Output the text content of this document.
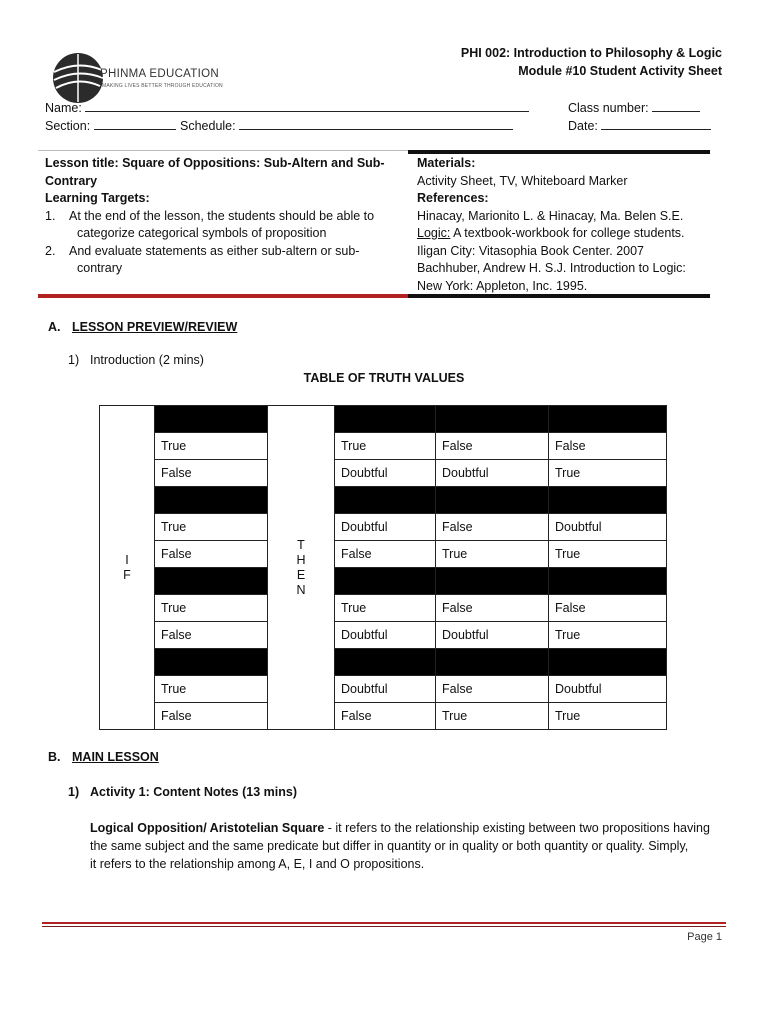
PHINMA EDUCATION
MAKING LIVES BETTER THROUGH EDUCATION
PHI 002: Introduction to Philosophy & Logic
Module #10 Student Activity Sheet
Name:	Class number:
Section:	Schedule:	Date:
Lesson title: Square of Oppositions: Sub-Altern and Sub-
Contrary
Learning Targets:
1. At the end of the lesson, the students should be able to
categorize categorical symbols of proposition
2. And evaluate statements as either sub-altern or sub-
contrary
Materials:
Activity Sheet, TV, Whiteboard Marker
References:
Hinacay, Marionito L. & Hinacay, Ma. Belen S.E.
Logic: A textbook-workbook for college students.
Iligan City: Vitasophia Book Center. 2007
Bachhuber, Andrew H. S.J. Introduction to Logic:
New York: Appleton, Inc. 1995.
A. LESSON PREVIEW/REVIEW
1) Introduction (2 mins)
TABLE OF TRUTH VALUES
I
F		T
H
E
N			
	True		True	False	False
	False		Doubtful	Doubtful	True

	True		Doubtful	False	Doubtful
	False		False	True	True

	True		True	False	False
	False		Doubtful	Doubtful	True

	True		Doubtful	False	Doubtful
	False		False	True	True
B. MAIN LESSON
1) Activity 1: Content Notes (13 mins)
Logical Opposition/ Aristotelian Square - it refers to the relationship existing between two propositions having
the same subject and the same predicate but differ in quantity or in quality or both quantity or quality. Simply,
it refers to the relationship among A, E, I and O propositions.
Page 1
